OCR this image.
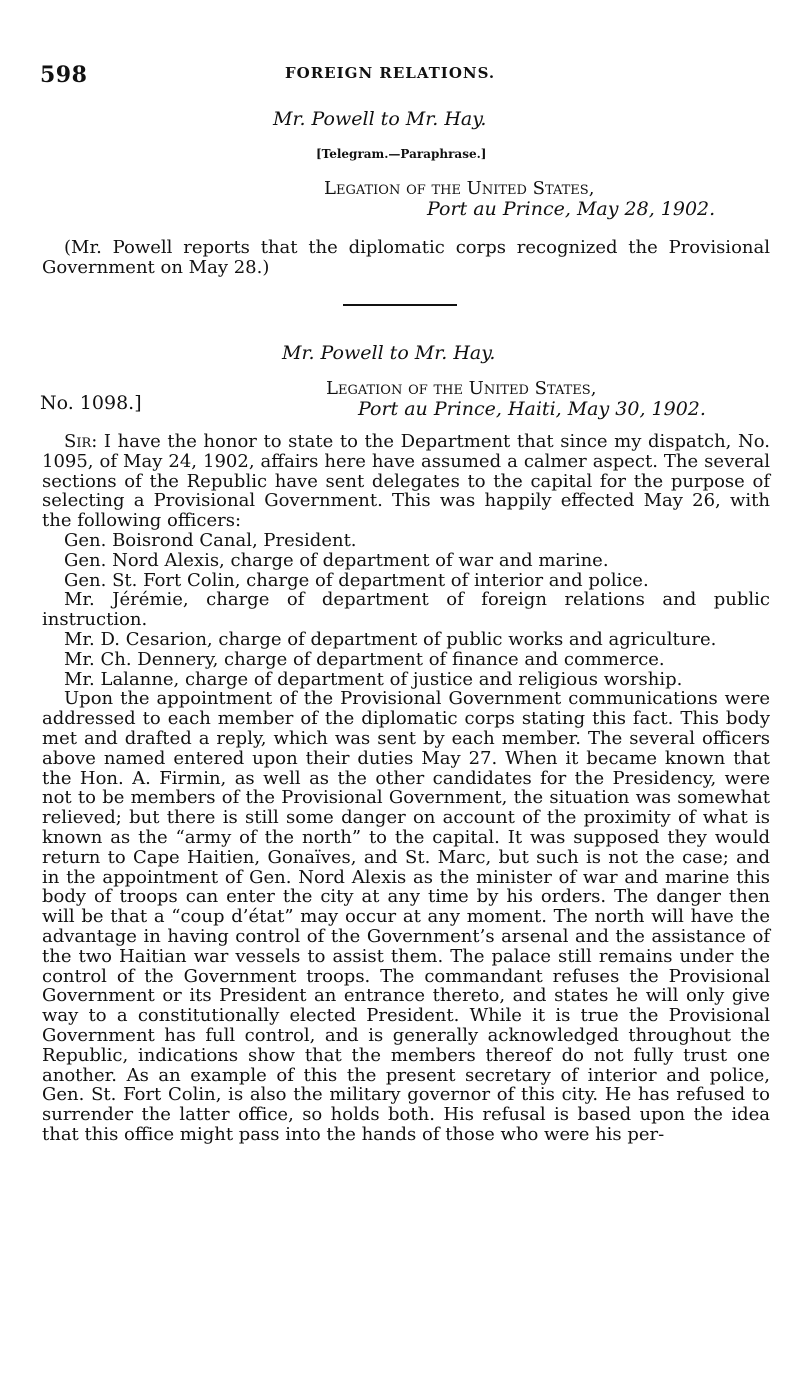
598	FOREIGN RELATIONS.
Mr. Powell to Mr. Hay.
[Telegram.—Paraphrase.]
Legation of the United States,
Port au Prince, May 28, 1902.

(Mr. Powell reports that the diplomatic corps recognized the Provisional Government on May 28.)

Mr. Powell to Mr. Hay.
No. 1098.]
Legation of the United States,
Port au Prince, Haiti, May 30, 1902.

Sir: I have the honor to state to the Department that since my dispatch, No. 1095, of May 24, 1902, affairs here have assumed a calmer aspect. The several sections of the Republic have sent delegates to the capital for the purpose of selecting a Provisional Government. This was happily effected May 26, with the following officers:

Gen. Boisrond Canal, President.
Gen. Nord Alexis, charge of department of war and marine.
Gen. St. Fort Colin, charge of department of interior and police.
Mr. Jérémie, charge of department of foreign relations and public instruction.
Mr. D. Cesarion, charge of department of public works and agriculture.
Mr. Ch. Dennery, charge of department of finance and commerce.
Mr. Lalanne, charge of department of justice and religious worship.

Upon the appointment of the Provisional Government communications were addressed to each member of the diplomatic corps stating this fact. This body met and drafted a reply, which was sent by each member. The several officers above named entered upon their duties May 27. When it became known that the Hon. A. Firmin, as well as the other candidates for the Presidency, were not to be members of the Provisional Government, the situation was somewhat relieved; but there is still some danger on account of the proximity of what is known as the “army of the north” to the capital. It was supposed they would return to Cape Haitien, Gonaïves, and St. Marc, but such is not the case; and in the appointment of Gen. Nord Alexis as the minister of war and marine this body of troops can enter the city at any time by his orders. The danger then will be that a “coup d’état” may occur at any moment. The north will have the advantage in having control of the Government’s arsenal and the assistance of the two Haitian war vessels to assist them. The palace still remains under the control of the Government troops. The commandant refuses the Provisional Government or its President an entrance thereto, and states he will only give way to a constitutionally elected President. While it is true the Provisional Government has full control, and is generally acknowledged throughout the Republic, indications show that the members thereof do not fully trust one another. As an example of this the present secretary of interior and police, Gen. St. Fort Colin, is also the military governor of this city. He has refused to surrender the latter office, so holds both. His refusal is based upon the idea that this office might pass into the hands of those who were his per-
